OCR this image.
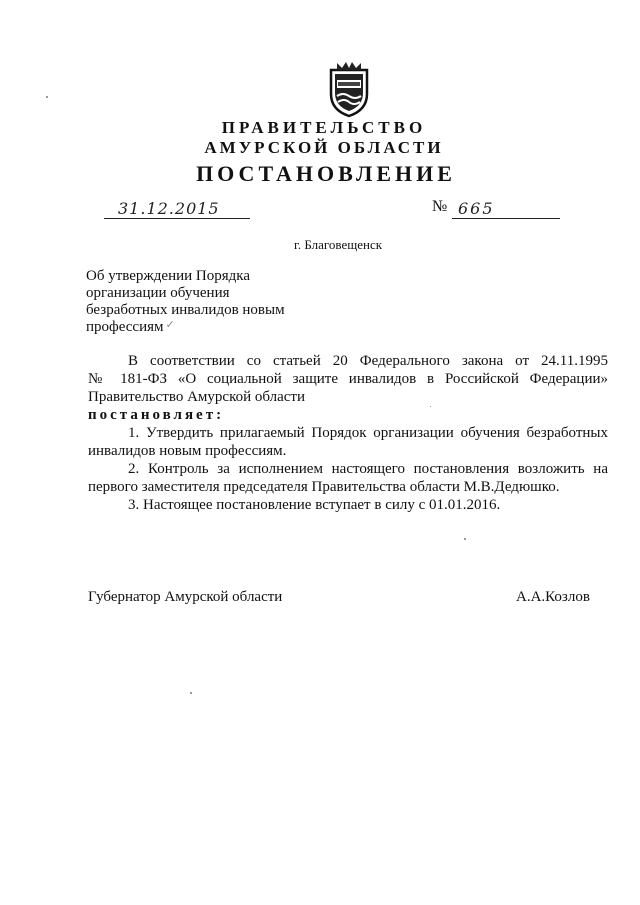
ПРАВИТЕЛЬСТВО
АМУРСКОЙ ОБЛАСТИ
ПОСТАНОВЛЕНИЕ
31.12.2015	№ 665
г. Благовещенск
Об утверждении Порядка
организации обучения
безработных инвалидов новым
профессиям ✓
В соответствии со статьей 20 Федерального закона от 24.11.1995
№ 181-ФЗ «О социальной защите инвалидов в Российской Федерации»
Правительство Амурской области
постановляет:
1. Утвердить прилагаемый Порядок организации обучения безработных
инвалидов новым профессиям.
2. Контроль за исполнением настоящего постановления возложить на
первого заместителя председателя Правительства области М.В.Дедюшко.
3. Настоящее постановление вступает в силу с 01.01.2016.
Губернатор Амурской области	А.А.Козлов
